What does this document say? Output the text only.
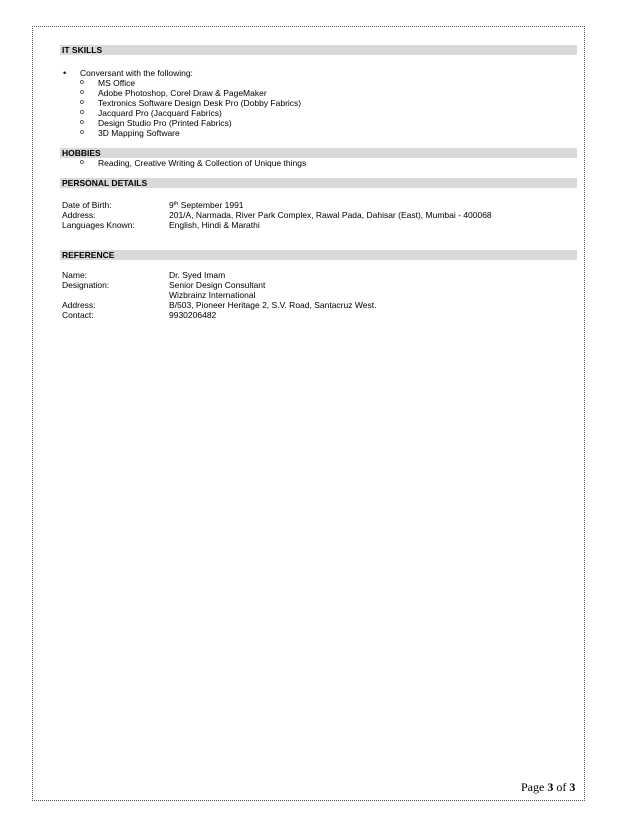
IT SKILLS
• Conversant with the following:
o MS Office
o Adobe Photoshop, Corel Draw & PageMaker
o Textronics Software Design Desk Pro (Dobby Fabrics)
o Jacquard Pro (Jacquard Fabrics)
o Design Studio Pro (Printed Fabrics)
o 3D Mapping Software
HOBBIES
o Reading, Creative Writing & Collection of Unique things
PERSONAL DETAILS
Date of Birth:	9th September 1991
Address:	201/A, Narmada, River Park Complex, Rawal Pada, Dahisar (East), Mumbai - 400068
Languages Known:	English, Hindi & Marathi
REFERENCE
Name:	Dr. Syed Imam
Designation:	Senior Design Consultant
Wizbrainz International
Address:	B/503, Pioneer Heritage 2, S.V. Road, Santacruz West.
Contact:	9930206482
Page 3 of 3
